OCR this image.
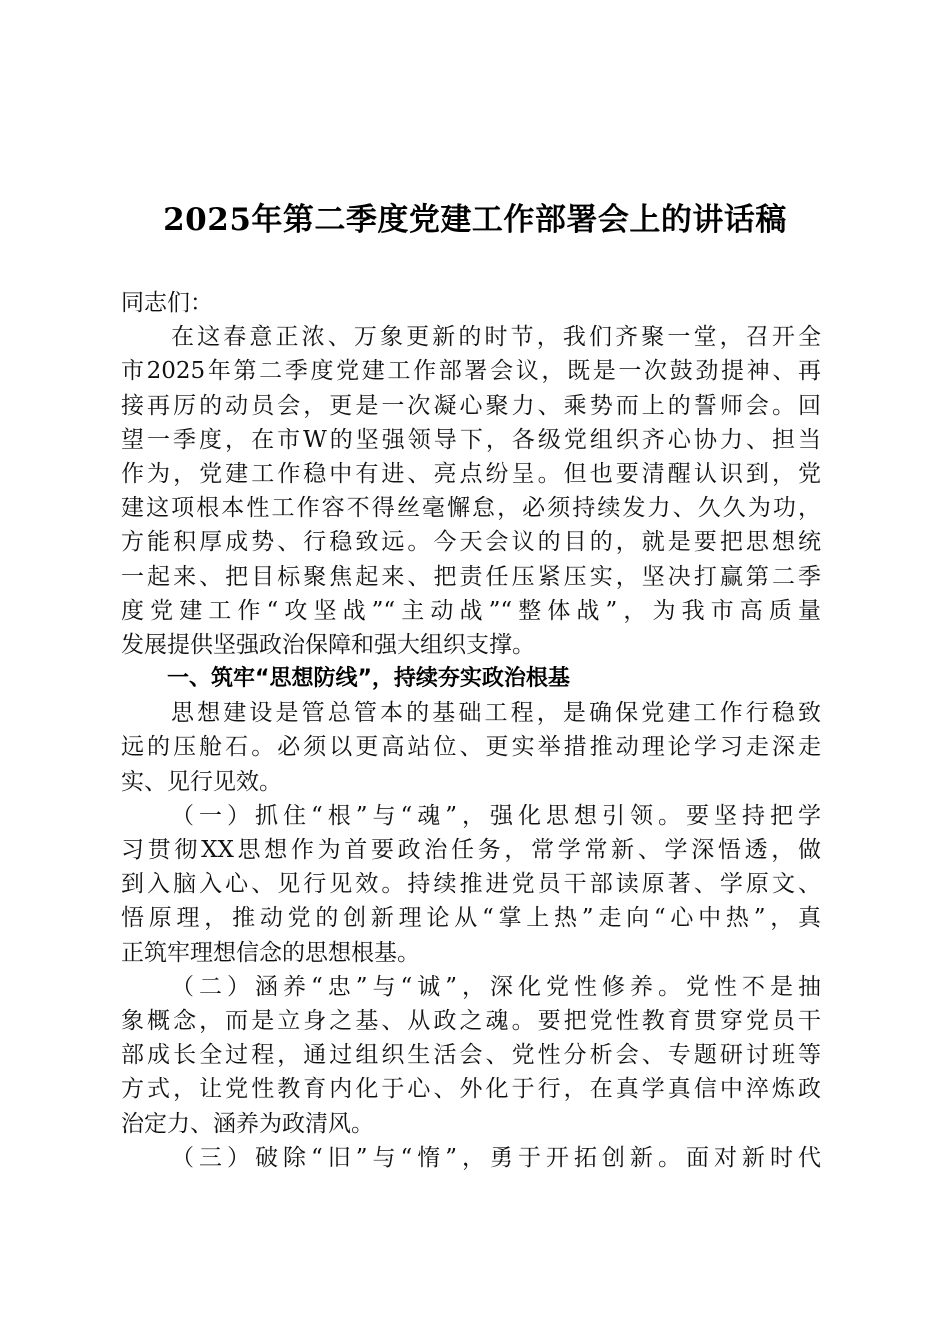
2025年第二季度党建工作部署会上的讲话稿
同志们：
在这春意正浓、万象更新的时节，我们齐聚一堂，召开全
市2025年第二季度党建工作部署会议，既是一次鼓劲提神、再
接再厉的动员会，更是一次凝心聚力、乘势而上的誓师会。回
望一季度，在市W的坚强领导下，各级党组织齐心协力、担当
作为，党建工作稳中有进、亮点纷呈。但也要清醒认识到，党
建这项根本性工作容不得丝毫懈怠，必须持续发力、久久为功，
方能积厚成势、行稳致远。今天会议的目的，就是要把思想统
一起来、把目标聚焦起来、把责任压紧压实，坚决打赢第二季
度党建工作“攻坚战”“主动战”“整体战”，为我市高质量
发展提供坚强政治保障和强大组织支撑。
一、筑牢“思想防线”，持续夯实政治根基
思想建设是管总管本的基础工程，是确保党建工作行稳致
远的压舱石。必须以更高站位、更实举措推动理论学习走深走
实、见行见效。
（一）抓住“根”与“魂”，强化思想引领。要坚持把学
习贯彻XX思想作为首要政治任务，常学常新、学深悟透，做
到入脑入心、见行见效。持续推进党员干部读原著、学原文、
悟原理，推动党的创新理论从“掌上热”走向“心中热”，真
正筑牢理想信念的思想根基。
（二）涵养“忠”与“诚”，深化党性修养。党性不是抽
象概念，而是立身之基、从政之魂。要把党性教育贯穿党员干
部成长全过程，通过组织生活会、党性分析会、专题研讨班等
方式，让党性教育内化于心、外化于行，在真学真信中淬炼政
治定力、涵养为政清风。
（三）破除“旧”与“惰”，勇于开拓创新。面对新时代
